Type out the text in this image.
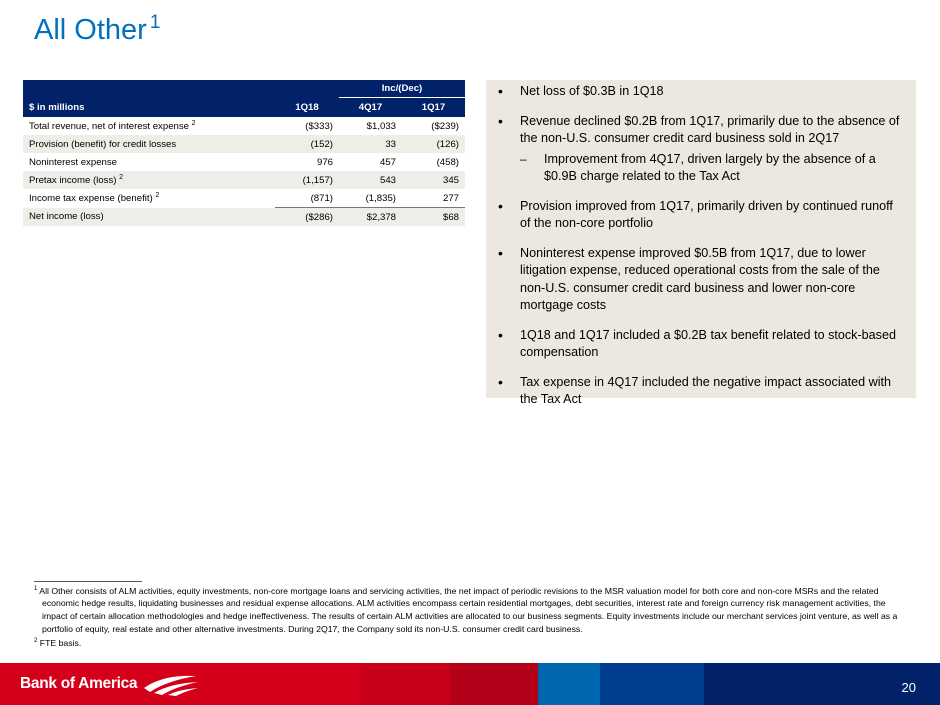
All Other $^1$
		Inc/(Dec)	
$ in millions	1Q18	4Q17	1Q17
Total revenue, net of interest expense $^2$	($333)	$1,033	($239)
Provision (benefit) for credit losses	(152)	33	(126)
Noninterest expense	976	457	(458)
Pretax income (loss) $^2$	(1,157)	543	345
Income tax expense (benefit) $^2$	(871)	(1,835)	277
Net income (loss)	($286)	$2,378	$68
• Net loss of $0.3B in 1Q18
• Revenue declined $0.2B from 1Q17, primarily due to the absence of the non-U.S. consumer credit card business sold in 2Q17
– Improvement from 4Q17, driven largely by the absence of a $0.9B charge related to the Tax Act
• Provision improved from 1Q17, primarily driven by continued runoff of the non-core portfolio
• Noninterest expense improved $0.5B from 1Q17, due to lower litigation expense, reduced operational costs from the sale of the non-U.S. consumer credit card business and lower non-core mortgage costs
• 1Q18 and 1Q17 included a $0.2B tax benefit related to stock-based compensation
• Tax expense in 4Q17 included the negative impact associated with the Tax Act

$^1$ All Other consists of ALM activities, equity investments, non-core mortgage loans and servicing activities, the net impact of periodic revisions to the MSR valuation model for both core and non-core MSRs and the related economic hedge results, liquidating businesses and residual expense allocations. ALM activities encompass certain residential mortgages, debt securities, interest rate and foreign currency risk management activities, the impact of certain allocation methodologies and hedge ineffectiveness. The results of certain ALM activities are allocated to our business segments. Equity investments include our merchant services joint venture, as well as a portfolio of equity, real estate and other alternative investments. During 2Q17, the Company sold its non-U.S. consumer credit card business.

$^2$ FTE basis.

Bank of America	20
